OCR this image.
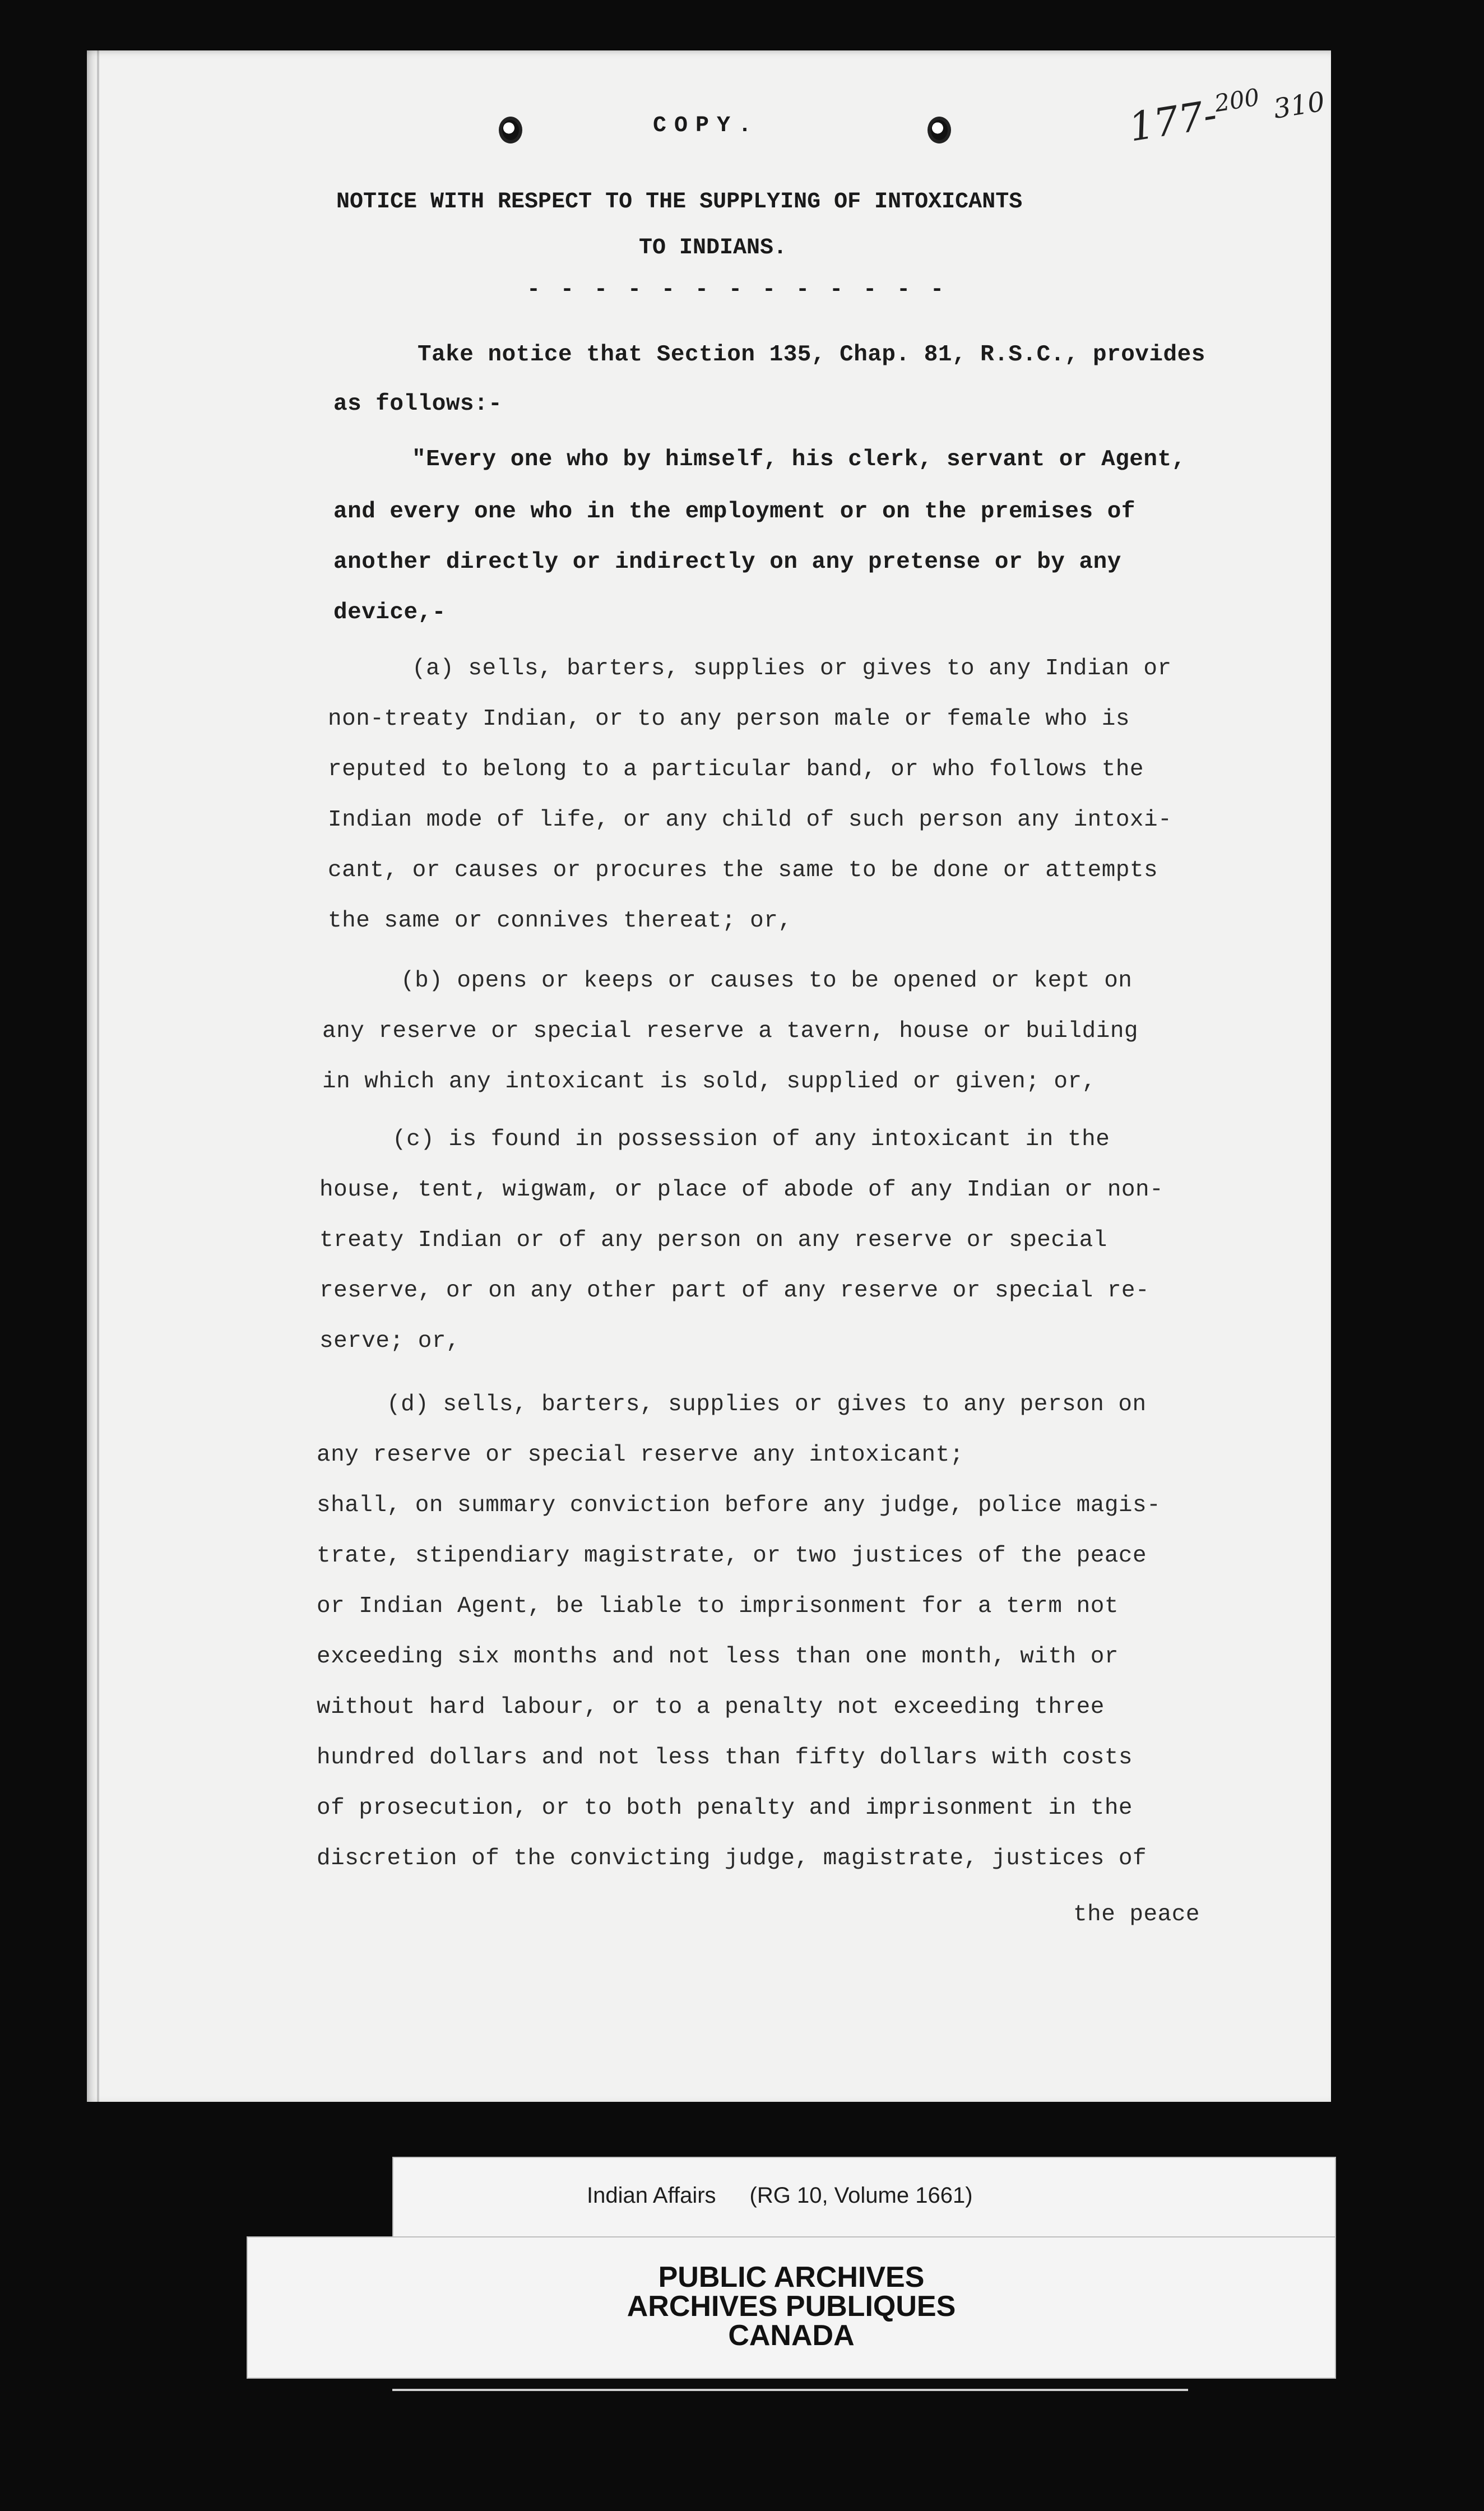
COPY.	177-$^{200}$ 310
NOTICE WITH RESPECT TO THE SUPPLYING OF INTOXICANTS
TO INDIANS.
- - - - - - - - - - - - -
Take notice that Section 135, Chap. 81, R.S.C., provides
as follows:-
"Every one who by himself, his clerk, servant or Agent,
and every one who in the employment or on the premises of
another directly or indirectly on any pretense or by any
device,-
(a) sells, barters, supplies or gives to any Indian or
non-treaty Indian, or to any person male or female who is
reputed to belong to a particular band, or who follows the
Indian mode of life, or any child of such person any intoxi-
cant, or causes or procures the same to be done or attempts
the same or connives thereat; or,
(b) opens or keeps or causes to be opened or kept on
any reserve or special reserve a tavern, house or building
in which any intoxicant is sold, supplied or given; or,
(c) is found in possession of any intoxicant in the
house, tent, wigwam, or place of abode of any Indian or non-
treaty Indian or of any person on any reserve or special
reserve, or on any other part of any reserve or special re-
serve; or,
(d) sells, barters, supplies or gives to any person on
any reserve or special reserve any intoxicant;
shall, on summary conviction before any judge, police magis-
trate, stipendiary magistrate, or two justices of the peace
or Indian Agent, be liable to imprisonment for a term not
exceeding six months and not less than one month, with or
without hard labour, or to a penalty not exceeding three
hundred dollars and not less than fifty dollars with costs
of prosecution, or to both penalty and imprisonment in the
discretion of the convicting judge, magistrate, justices of
the peace
Indian Affairs (RG 10, Volume 1661)
PUBLIC ARCHIVES
ARCHIVES PUBLIQUES
CANADA
